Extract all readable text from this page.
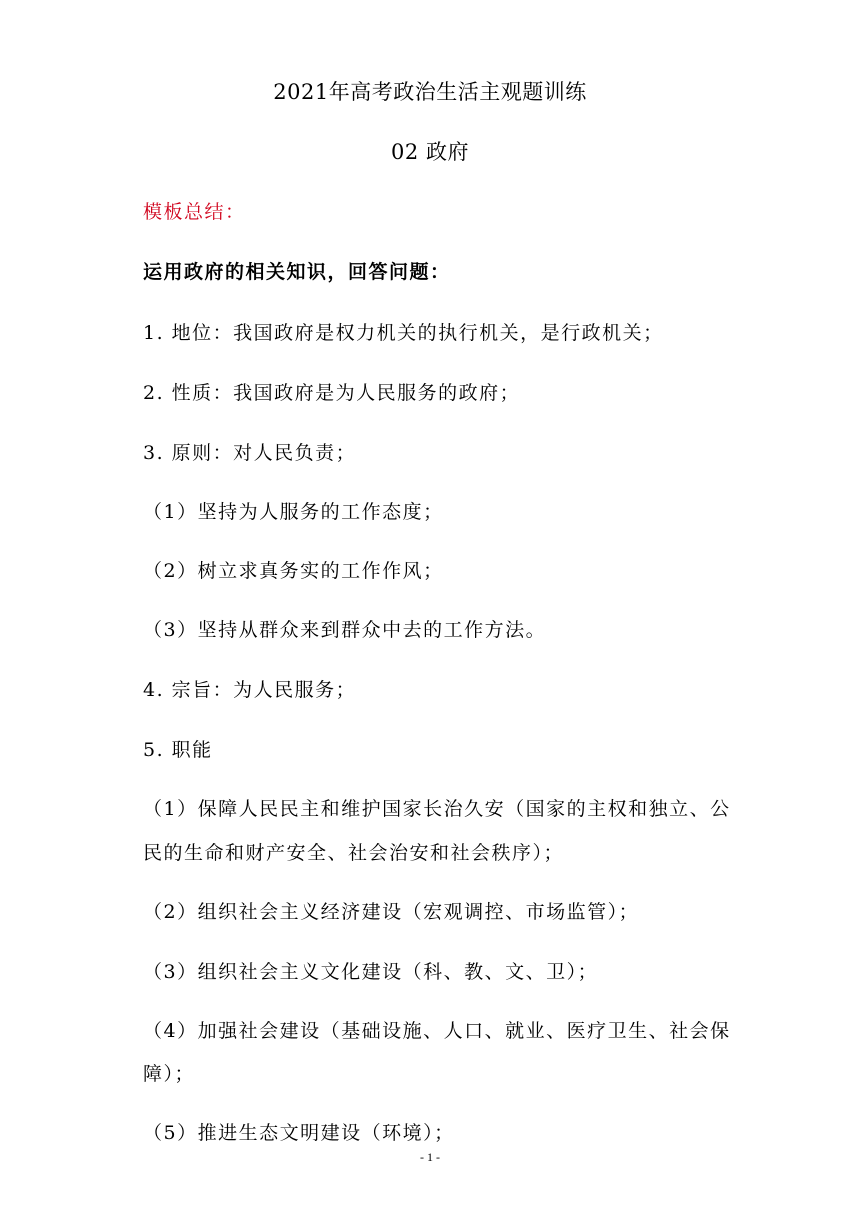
2021年高考政治生活主观题训练
02 政府
模板总结：
运用政府的相关知识，回答问题：
1. 地位：我国政府是权力机关的执行机关，是行政机关；
2. 性质：我国政府是为人民服务的政府；
3. 原则：对人民负责；
（1）坚持为人服务的工作态度；
（2）树立求真务实的工作作风；
（3）坚持从群众来到群众中去的工作方法。
4. 宗旨：为人民服务；
5. 职能
（1）保障人民民主和维护国家长治久安（国家的主权和独立、公
民的生命和财产安全、社会治安和社会秩序）；
（2）组织社会主义经济建设（宏观调控、市场监管）；
（3）组织社会主义文化建设（科、教、文、卫）；
（4）加强社会建设（基础设施、人口、就业、医疗卫生、社会保
障）；
（5）推进生态文明建设（环境）；
- 1 -
